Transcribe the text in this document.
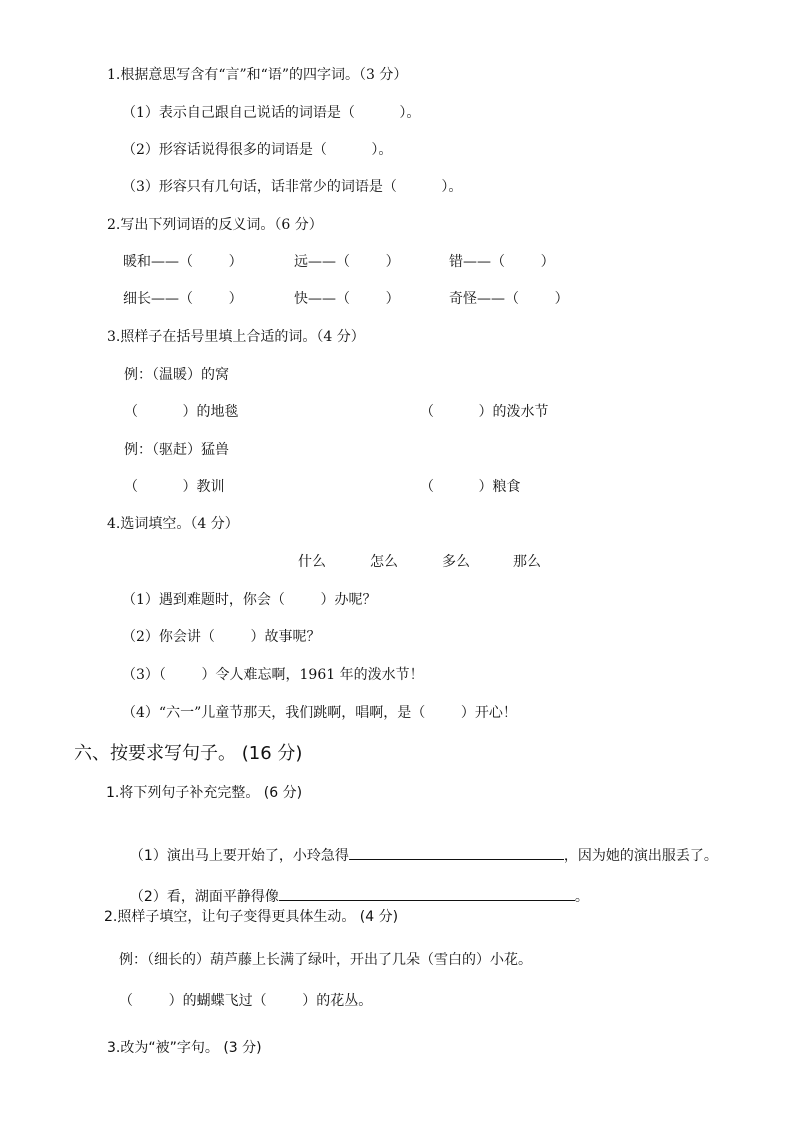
1.根据意思写含有“言”和“语”的四字词。（3 分）
（1）表示自己跟自己说话的词语是（          ）。
（2）形容话说得很多的词语是（          ）。
（3）形容只有几句话，话非常少的词语是（          ）。
2.写出下列词语的反义词。（6 分）
暖和——（        ）	远——（        ）	错——（        ）
细长——（        ）	快——（        ）	奇怪——（        ）
3.照样子在括号里填上合适的词。（4 分）
例：（温暖）的窝
（          ）的地毯	（          ）的泼水节
例：（驱赶）猛兽
（          ）教训	（          ）粮食
4.选词填空。（4 分）
什么	怎么	多么	那么
（1）遇到难题时，你会（        ）办呢？
（2）你会讲（        ）故事呢？
（3）（        ）令人难忘啊，1961 年的泼水节！
（4）“六一”儿童节那天，我们跳啊，唱啊，是（        ）开心！
六、按要求写句子。 (16 分)
1.将下列句子补充完整。 (6 分)

（1）演出马上要开始了，小玲急得	，因为她的演出服丢了。

（2）看，湖面平静得像	。

2.照样子填空，让句子变得更具体生动。 (4 分)
例：（细长的）葫芦藤上长满了绿叶，开出了几朵（雪白的）小花。
（        ）的蝴蝶飞过（        ）的花丛。
3.改为“被”字句。 (3 分)
